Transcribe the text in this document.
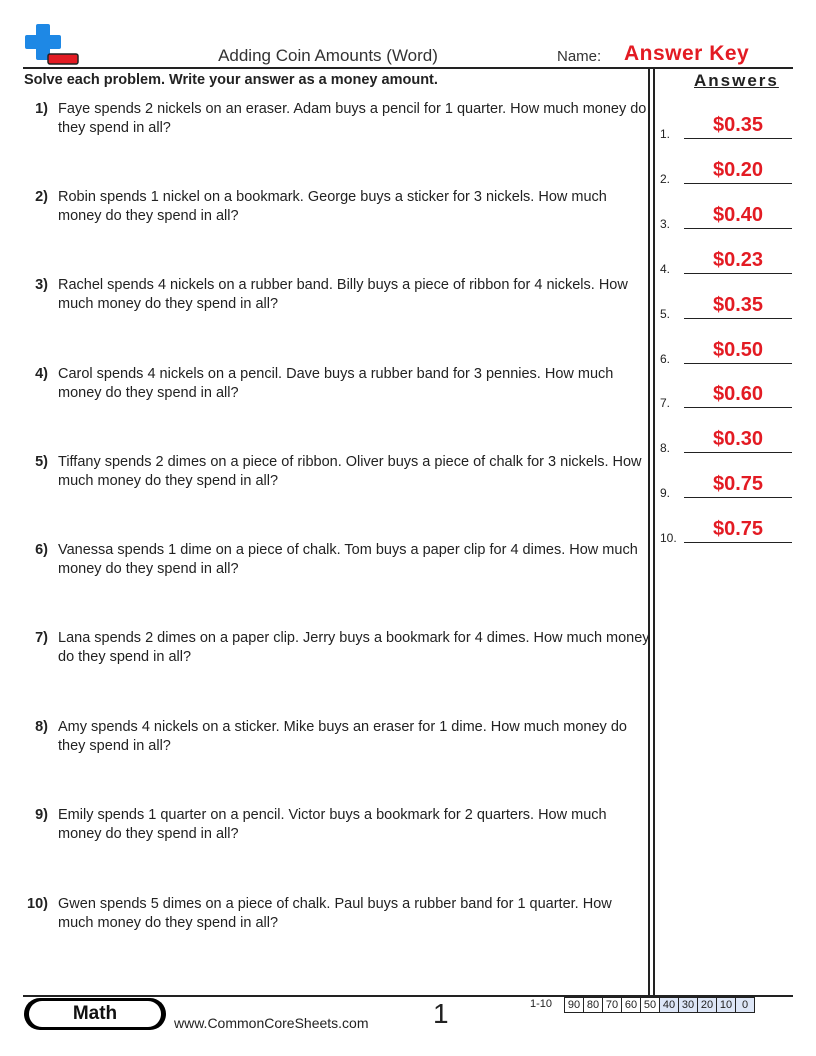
Adding Coin Amounts (Word)	Name: Answer Key
Solve each problem. Write your answer as a money amount.	Answers
1) Faye spends 2 nickels on an eraser. Adam buys a pencil for 1 quarter. How much money do they spend in all?
2) Robin spends 1 nickel on a bookmark. George buys a sticker for 3 nickels. How much money do they spend in all?
3) Rachel spends 4 nickels on a rubber band. Billy buys a piece of ribbon for 4 nickels. How much money do they spend in all?
4) Carol spends 4 nickels on a pencil. Dave buys a rubber band for 3 pennies. How much money do they spend in all?
5) Tiffany spends 2 dimes on a piece of ribbon. Oliver buys a piece of chalk for 3 nickels. How much money do they spend in all?
6) Vanessa spends 1 dime on a piece of chalk. Tom buys a paper clip for 4 dimes. How much money do they spend in all?
7) Lana spends 2 dimes on a paper clip. Jerry buys a bookmark for 4 dimes. How much money do they spend in all?
8) Amy spends 4 nickels on a sticker. Mike buys an eraser for 1 dime. How much money do they spend in all?
9) Emily spends 1 quarter on a pencil. Victor buys a bookmark for 2 quarters. How much money do they spend in all?
10) Gwen spends 5 dimes on a piece of chalk. Paul buys a rubber band for 1 quarter. How much money do they spend in all?
1.	$0.35
2.	$0.20
3.	$0.40
4.	$0.23
5.	$0.35
6.	$0.50
7.	$0.60
8.	$0.30
9.	$0.75
10.	$0.75
Math	www.CommonCoreSheets.com 1	1-10 90	80	70	60	50	40	30	20	10	0
